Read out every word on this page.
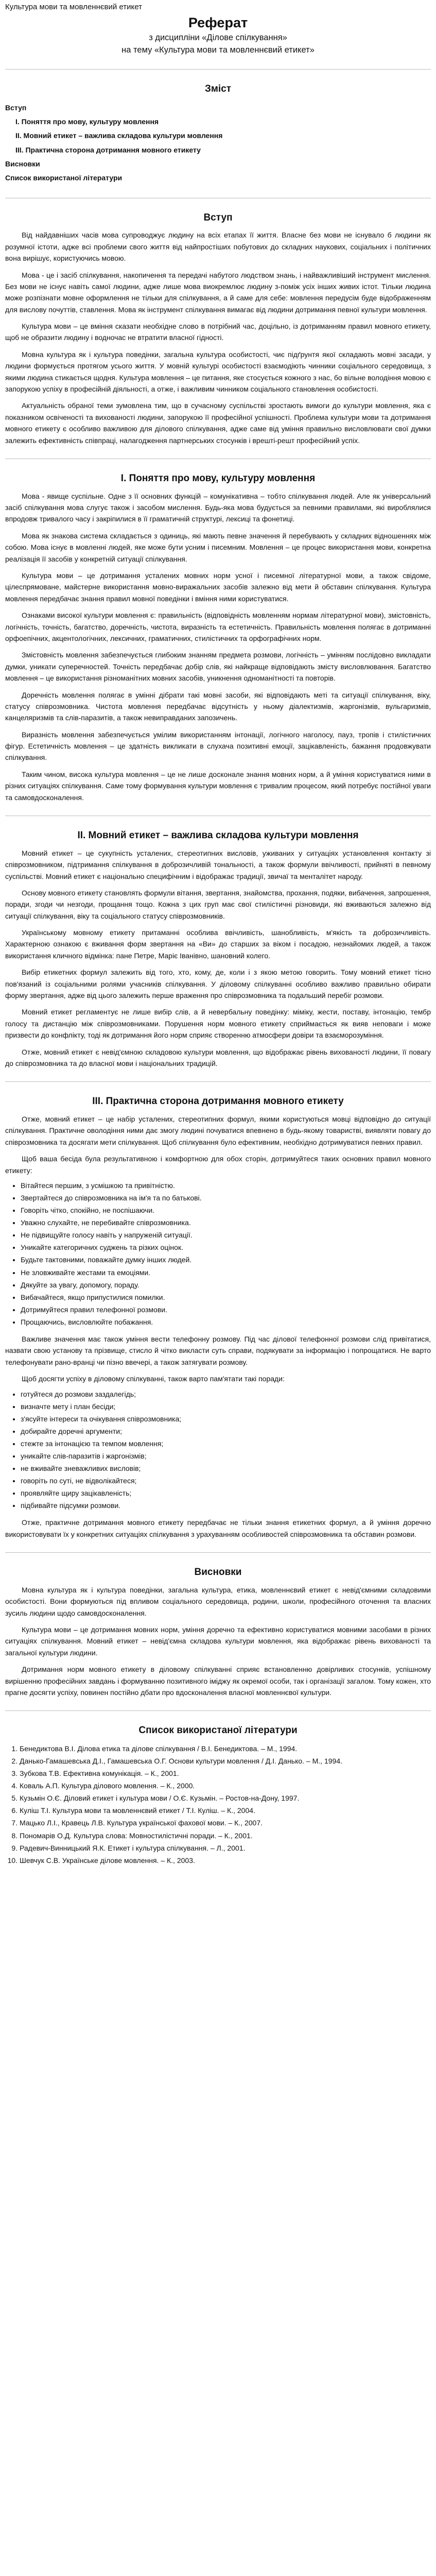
Культура мови та мовленнєвий етикет
Реферат
з дисципліни «Ділове спілкування»
на тему «Культура мови та мовленнєвий етикет»
Зміст
Вступ
I. Поняття про мову, культуру мовлення
II. Мовний етикет – важлива складова культури мовлення
III. Практична сторона дотримання мовного етикету
Висновки
Список використаної літератури
Вступ

Від найдавніших часів мова супроводжує людину на всіх етапах її життя. Власне без мови не існувало б людини як розумної істоти, адже всі проблеми свого життя від найпростіших побутових до складних наукових, соціальних і політичних вона вирішує, користуючись мовою.

Мова - це і засіб спілкування, накопичення та передачі набутого людством знань, і найважливіший інструмент мислення. Без мови не існує навіть самої людини, адже лише мова виокремлює людину з-поміж усіх інших живих істот. Тільки людина може розпізнати мовне оформлення не тільки для спілкування, а й саме для себе: мовлення передусім буде відображенням для вислову почуттів, ставлення. Мова як інструмент спілкування вимагає від людини дотримання певної культури мовлення.

Культура мови – це вміння сказати необхідне слово в потрібний час, доцільно, із дотриманням правил мовного етикету, щоб не образити людину і водночас не втратити власної гідності.

Мовна культура як і культура поведінки, загальна культура особистості, чиє підґрунтя якої складають мовні засади, у людини формується протягом усього життя. У мовній культурі особистості взаємодіють чинники соціального середовища, з якими людина стикається щодня. Культура мовлення – це питання, яке стосується кожного з нас, бо вільне володіння мовою є запорукою успіху в професійній діяльності, а отже, і важливим чинником соціального становлення особистості.

Актуальність обраної теми зумовлена тим, що в сучасному суспільстві зростають вимоги до культури мовлення, яка є показником освіченості та вихованості людини, запорукою її професійної успішності. Проблема культури мови та дотримання мовного етикету є особливо важливою для ділового спілкування, адже саме від уміння правильно висловлювати свої думки залежить ефективність співпраці, налагодження партнерських стосунків і врешті-решт професійний успіх.

I. Поняття про мову, культуру мовлення

Мова - явище суспільне. Одне з її основних функцій – комунікативна – тобто спілкування людей. Але як універсальний засіб спілкування мова слугує також і засобом мислення. Будь-яка мова будується за певними правилами, які вироблялися впродовж тривалого часу і закріпилися в її граматичній структурі, лексиці та фонетиці.

Мова як знакова система складається з одиниць, які мають певне значення й перебувають у складних відношеннях між собою. Мова існує в мовленні людей, яке може бути усним і писемним. Мовлення – це процес використання мови, конкретна реалізація її засобів у конкретній ситуації спілкування.

Культура мови – це дотримання усталених мовних норм усної і писемної літературної мови, а також свідоме, цілеспрямоване, майстерне використання мовно-виражальних засобів залежно від мети й обставин спілкування. Культура мовлення передбачає знання правил мовної поведінки і вміння ними користуватися.

Ознаками високої культури мовлення є: правильність (відповідність мовленням нормам літературної мови), змістовність, логічність, точність, багатство, доречність, чистота, виразність та естетичність. Правильність мовлення полягає в дотриманні орфоепічних, акцентологічних, лексичних, граматичних, стилістичних та орфографічних норм.

Змістовність мовлення забезпечується глибоким знанням предмета розмови, логічність – умінням послідовно викладати думки, уникати суперечностей. Точність передбачає добір слів, які найкраще відповідають змісту висловлювання. Багатство мовлення – це використання різноманітних мовних засобів, уникнення одноманітності та повторів.

Доречність мовлення полягає в умінні дібрати такі мовні засоби, які відповідають меті та ситуації спілкування, віку, статусу співрозмовника. Чистота мовлення передбачає відсутність у ньому діалектизмів, жаргонізмів, вульгаризмів, канцеляризмів та слів-паразитів, а також невиправданих запозичень.

Виразність мовлення забезпечується умілим використанням інтонації, логічного наголосу, пауз, тропів і стилістичних фігур. Естетичність мовлення – це здатність викликати в слухача позитивні емоції, зацікавленість, бажання продовжувати спілкування.

Таким чином, висока культура мовлення – це не лише досконале знання мовних норм, а й уміння користуватися ними в різних ситуаціях спілкування. Саме тому формування культури мовлення є тривалим процесом, який потребує постійної уваги та самовдосконалення.

II. Мовний етикет – важлива складова культури мовлення

Мовний етикет – це сукупність усталених, стереотипних висловів, уживаних у ситуаціях установлення контакту зі співрозмовником, підтримання спілкування в доброзичливій тональності, а також формули ввічливості, прийняті в певному суспільстві. Мовний етикет є національно специфічним і відображає традиції, звичаї та менталітет народу.

Основу мовного етикету становлять формули вітання, звертання, знайомства, прохання, подяки, вибачення, запрошення, поради, згоди чи незгоди, прощання тощо. Кожна з цих груп має свої стилістичні різновиди, які вживаються залежно від ситуації спілкування, віку та соціального статусу співрозмовників.

Українському мовному етикету притаманні особлива ввічливість, шанобливість, м'якість та доброзичливість. Характерною ознакою є вживання форм звертання на «Ви» до старших за віком і посадою, незнайомих людей, а також використання кличного відмінка: пане Петре, Маріє Іванівно, шановний колего.

Вибір етикетних формул залежить від того, хто, кому, де, коли і з якою метою говорить. Тому мовний етикет тісно пов'язаний із соціальними ролями учасників спілкування. У діловому спілкуванні особливо важливо правильно обирати форму звертання, адже від цього залежить перше враження про співрозмовника та подальший перебіг розмови.

Мовний етикет регламентує не лише вибір слів, а й невербальну поведінку: міміку, жести, поставу, інтонацію, тембр голосу та дистанцію між співрозмовниками. Порушення норм мовного етикету сприймається як вияв неповаги і може призвести до конфлікту, тоді як дотримання його норм сприяє створенню атмосфери довіри та взаєморозуміння.

Отже, мовний етикет є невід'ємною складовою культури мовлення, що відображає рівень вихованості людини, її повагу до співрозмовника та до власної мови і національних традицій.

III. Практична сторона дотримання мовного етикету

Отже, мовний етикет – це набір усталених, стереотипних формул, якими користуються мовці відповідно до ситуації спілкування. Практичне оволодіння ними дає змогу людині почуватися впевнено в будь-якому товаристві, виявляти повагу до співрозмовника та досягати мети спілкування. Щоб спілкування було ефективним, необхідно дотримуватися певних правил.

Щоб ваша бесіда була результативною і комфортною для обох сторін, дотримуйтеся таких основних правил мовного етикету:

• Вітайтеся першим, з усмішкою та привітністю.
• Звертайтеся до співрозмовника на ім'я та по батькові.
• Говоріть чітко, спокійно, не поспішаючи.
• Уважно слухайте, не перебивайте співрозмовника.
• Не підвищуйте голосу навіть у напруженій ситуації.
• Уникайте категоричних суджень та різких оцінок.
• Будьте тактовними, поважайте думку інших людей.
• Не зловживайте жестами та емоціями.
• Дякуйте за увагу, допомогу, пораду.
• Вибачайтеся, якщо припустилися помилки.
• Дотримуйтеся правил телефонної розмови.
• Прощаючись, висловлюйте побажання.

Важливе значення має також уміння вести телефонну розмову. Під час ділової телефонної розмови слід привітатися, назвати свою установу та прізвище, стисло й чітко викласти суть справи, подякувати за інформацію і попрощатися. Не варто телефонувати рано-вранці чи пізно ввечері, а також затягувати розмову.

Щоб досягти успіху в діловому спілкуванні, також варто пам'ятати такі поради:

• готуйтеся до розмови заздалегідь;
• визначте мету і план бесіди;
• з'ясуйте інтереси та очікування співрозмовника;
• добирайте доречні аргументи;
• стежте за інтонацією та темпом мовлення;
• уникайте слів-паразитів і жаргонізмів;
• не вживайте зневажливих висловів;
• говоріть по суті, не відволікайтеся;
• проявляйте щиру зацікавленість;
• підбивайте підсумки розмови.

Отже, практичне дотримання мовного етикету передбачає не тільки знання етикетних формул, а й уміння доречно використовувати їх у конкретних ситуаціях спілкування з урахуванням особливостей співрозмовника та обставин розмови.

Висновки

Мовна культура як і культура поведінки, загальна культура, етика, мовленнєвий етикет є невід'ємними складовими особистості. Вони формуються під впливом соціального середовища, родини, школи, професійного оточення та власних зусиль людини щодо самовдосконалення.

Культура мови – це дотримання мовних норм, уміння доречно та ефективно користуватися мовними засобами в різних ситуаціях спілкування. Мовний етикет – невід'ємна складова культури мовлення, яка відображає рівень вихованості та загальної культури людини.

Дотримання норм мовного етикету в діловому спілкуванні сприяє встановленню довірливих стосунків, успішному вирішенню професійних завдань і формуванню позитивного іміджу як окремої особи, так і організації загалом. Тому кожен, хто прагне досягти успіху, повинен постійно дбати про вдосконалення власної мовленнєвої культури.

Список використаної літератури
1. Бенедиктова В.І. Ділова етика та ділове спілкування / В.І. Бенедиктова. – М., 1994.
2. Данько-Гамашевська Д.І., Гамашевська О.Г. Основи культури мовлення / Д.І. Данько. – М., 1994.
3. Зубкова Т.В. Ефективна комунікація. – К., 2001.
4. Коваль А.П. Культура ділового мовлення. – К., 2000.
5. Кузьмін О.Є. Діловий етикет і культура мови / О.Є. Кузьмін. – Ростов-на-Дону, 1997.
6. Куліш Т.І. Культура мови та мовленнєвий етикет / Т.І. Куліш. – К., 2004.
7. Мацько Л.І., Кравець Л.В. Культура української фахової мови. – К., 2007.
8. Пономарів О.Д. Культура слова: Мовностилістичні поради. – К., 2001.
9. Радевич-Винницький Я.К. Етикет і культура спілкування. – Л., 2001.
10. Шевчук С.В. Українське ділове мовлення. – К., 2003.
